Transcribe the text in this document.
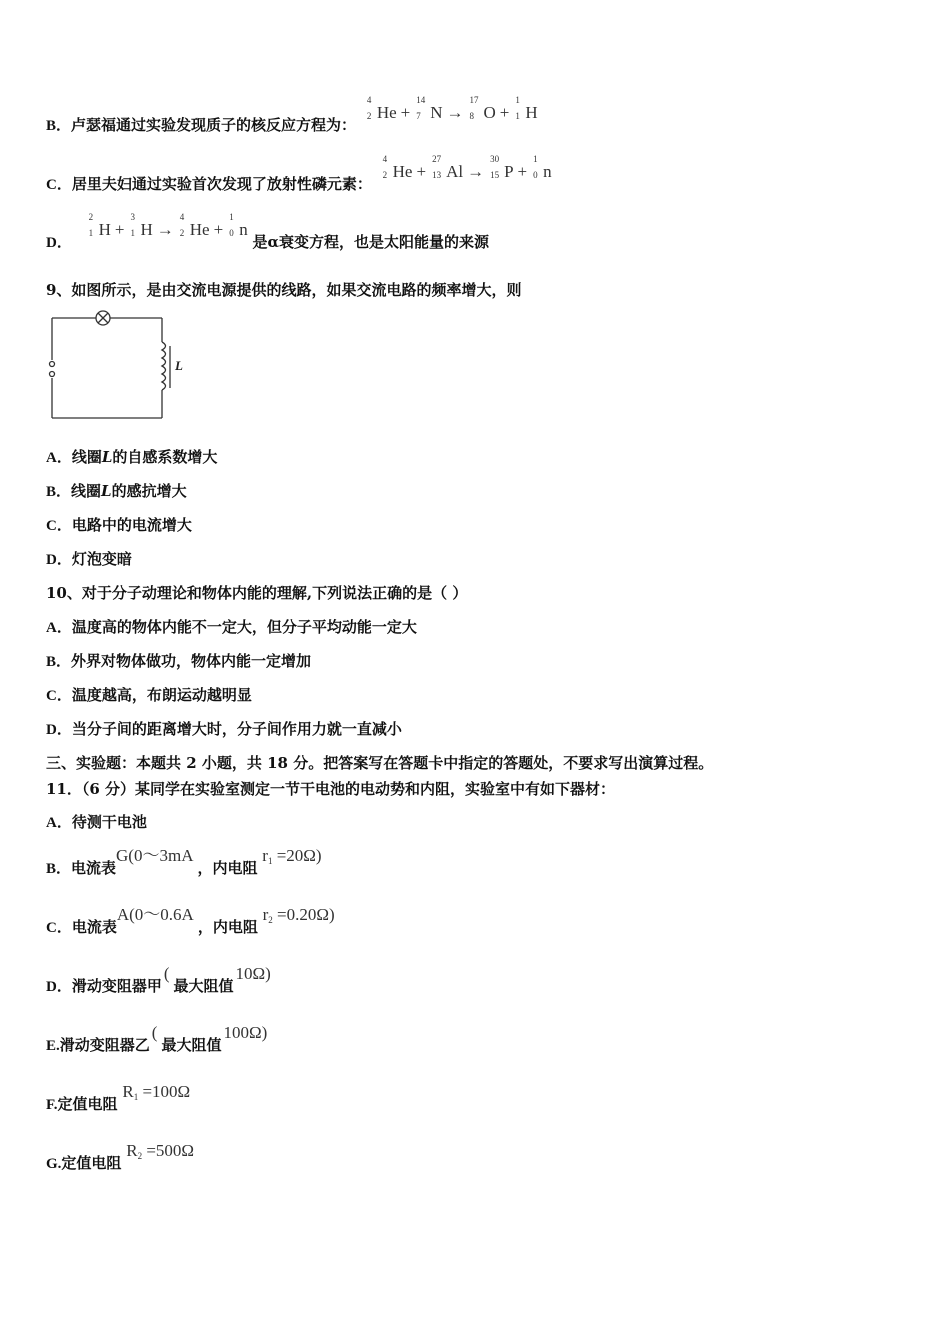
B．卢瑟福通过实验发现质子的核反应方程为：
4
2 He +
14
7 N →
17
8 O +
1
1 H
C．居里夫妇通过实验首次发现了放射性磷元素：
4
2 He +
27
13 Al →
30
15 P +
1
0 n
D．
2
1 H +
3
1 H →
4
2 He +
1
0 n 是α衰变方程，也是太阳能量的来源
9、如图所示，是由交流电源提供的线路，如果交流电路的频率增大，则
L
A．线圈L的自感系数增大
B．线圈L的感抗增大
C．电路中的电流增大
D．灯泡变暗
10、对于分子动理论和物体内能的理解,下列说法正确的是（ ）
A．温度高的物体内能不一定大，但分子平均动能一定大
B．外界对物体做功，物体内能一定增加
C．温度越高，布朗运动越明显
D．当分子间的距离增大时，分子间作用力就一直减小
三、实验题：本题共 2 小题，共 18 分。把答案写在答题卡中指定的答题处，不要求写出演算过程。
11．（6 分）某同学在实验室测定一节干电池的电动势和内阻，实验室中有如下器材：
A．待测干电池
B．电流表G(0～3mA，内电阻 r1 =20Ω)
C．电流表A(0～0.6A，内电阻 r2 =0.20Ω)
D．滑动变阻器甲(最大阻值10Ω)
E.滑动变阻器乙(最大阻值100Ω)
F.定值电阻 R1 =100Ω
G.定值电阻 R2 =500Ω
